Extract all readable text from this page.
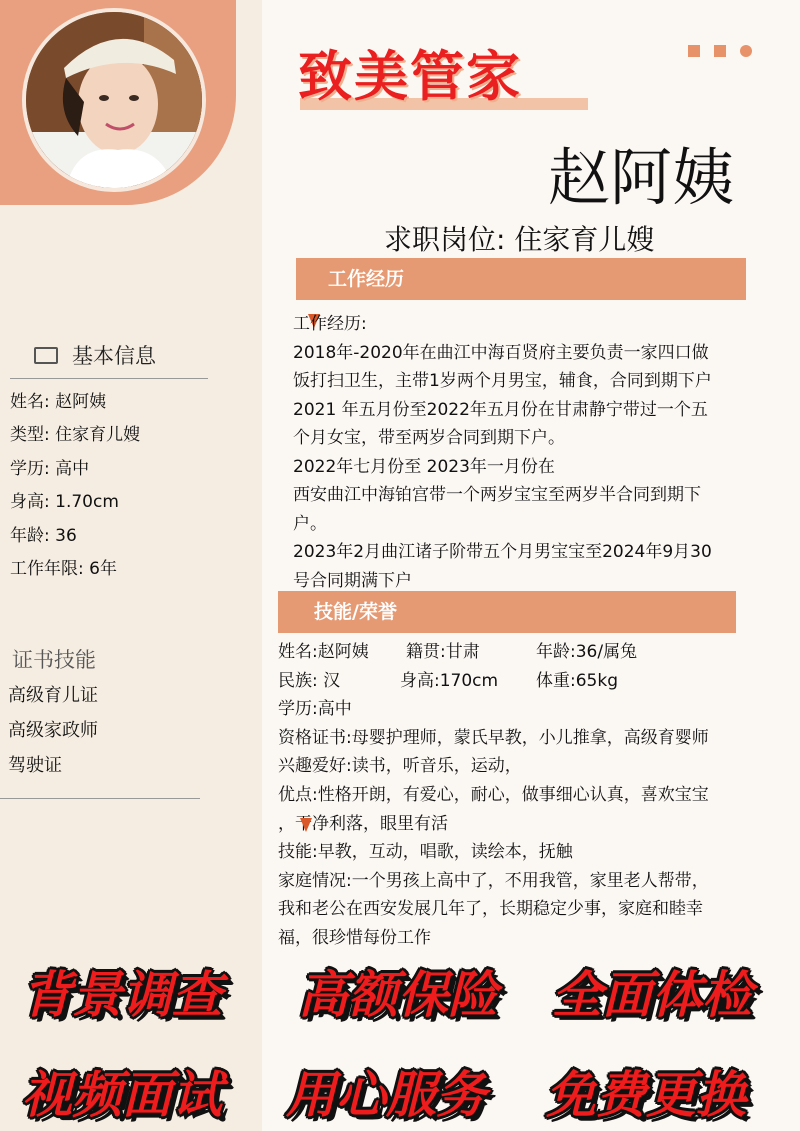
基本信息
姓名: 赵阿姨
类型: 住家育儿嫂
学历: 高中
身高: 1.70cm
年龄: 36
工作年限: 6年
证书技能
高级育儿证
高级家政师
驾驶证
致美管家
赵阿姨
求职岗位: 住家育儿嫂
工作经历
工作经历:
2018年-2020年在曲江中海百贤府主要负责一家四口做
饭打扫卫生，主带1岁两个月男宝，辅食，合同到期下户
2021 年五月份至2022年五月份在甘肃静宁带过一个五
个月女宝，带至两岁合同到期下户。
2022年七月份至 2023年一月份在
西安曲江中海铂宫带一个两岁宝宝至两岁半合同到期下
户。
2023年2月曲江诸子阶带五个月男宝宝至2024年9月30
号合同期满下户
技能/荣誉
姓名:赵阿姨 籍贯:甘肃	年龄:36/属兔
民族: 汉	身高:170cm 体重:65kg
学历:高中
资格证书:母婴护理师，蒙氏早教，小儿推拿，高级育婴师
兴趣爱好:读书，听音乐，运动，
优点:性格开朗，有爱心，耐心，做事细心认真，喜欢宝宝
，干净利落，眼里有活
技能:早教，互动，唱歌，读绘本，抚触
家庭情况:一个男孩上高中了，不用我管，家里老人帮带，
我和老公在西安发展几年了，长期稳定少事，家庭和睦幸
福，很珍惜每份工作
背景调查 高额保险 全面体检
视频面试 用心服务 免费更换
